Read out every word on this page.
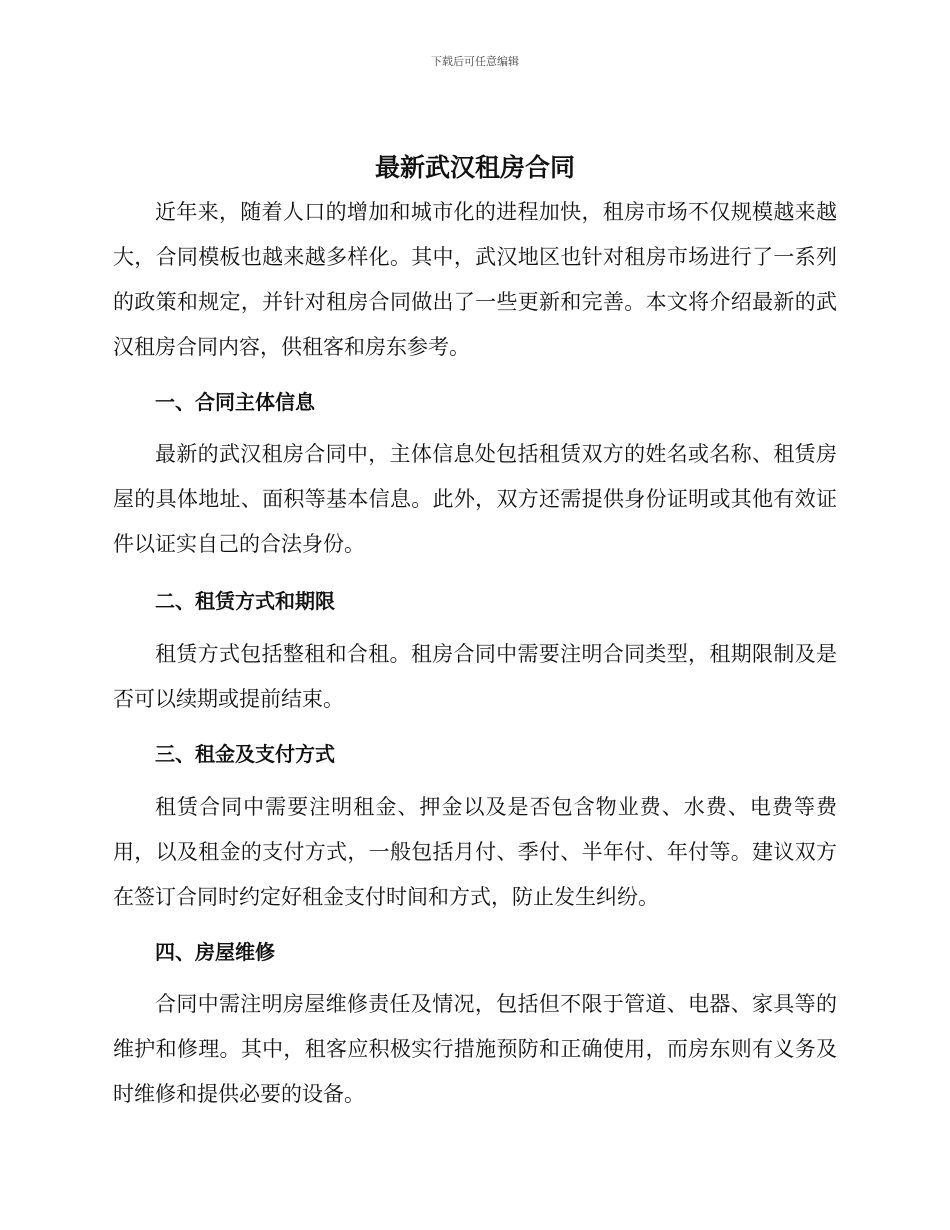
下载后可任意编辑
最新武汉租房合同

近年来，随着人口的增加和城市化的进程加快，租房市场不仅规模越来越大，合同模板也越来越多样化。其中，武汉地区也针对租房市场进行了一系列的政策和规定，并针对租房合同做出了一些更新和完善。本文将介绍最新的武汉租房合同内容，供租客和房东参考。

一、合同主体信息

最新的武汉租房合同中，主体信息处包括租赁双方的姓名或名称、租赁房屋的具体地址、面积等基本信息。此外，双方还需提供身份证明或其他有效证件以证实自己的合法身份。

二、租赁方式和期限

租赁方式包括整租和合租。租房合同中需要注明合同类型，租期限制及是否可以续期或提前结束。

三、租金及支付方式

租赁合同中需要注明租金、押金以及是否包含物业费、水费、电费等费用，以及租金的支付方式，一般包括月付、季付、半年付、年付等。建议双方在签订合同时约定好租金支付时间和方式，防止发生纠纷。

四、房屋维修

合同中需注明房屋维修责任及情况，包括但不限于管道、电器、家具等的维护和修理。其中，租客应积极实行措施预防和正确使用，而房东则有义务及时维修和提供必要的设备。
